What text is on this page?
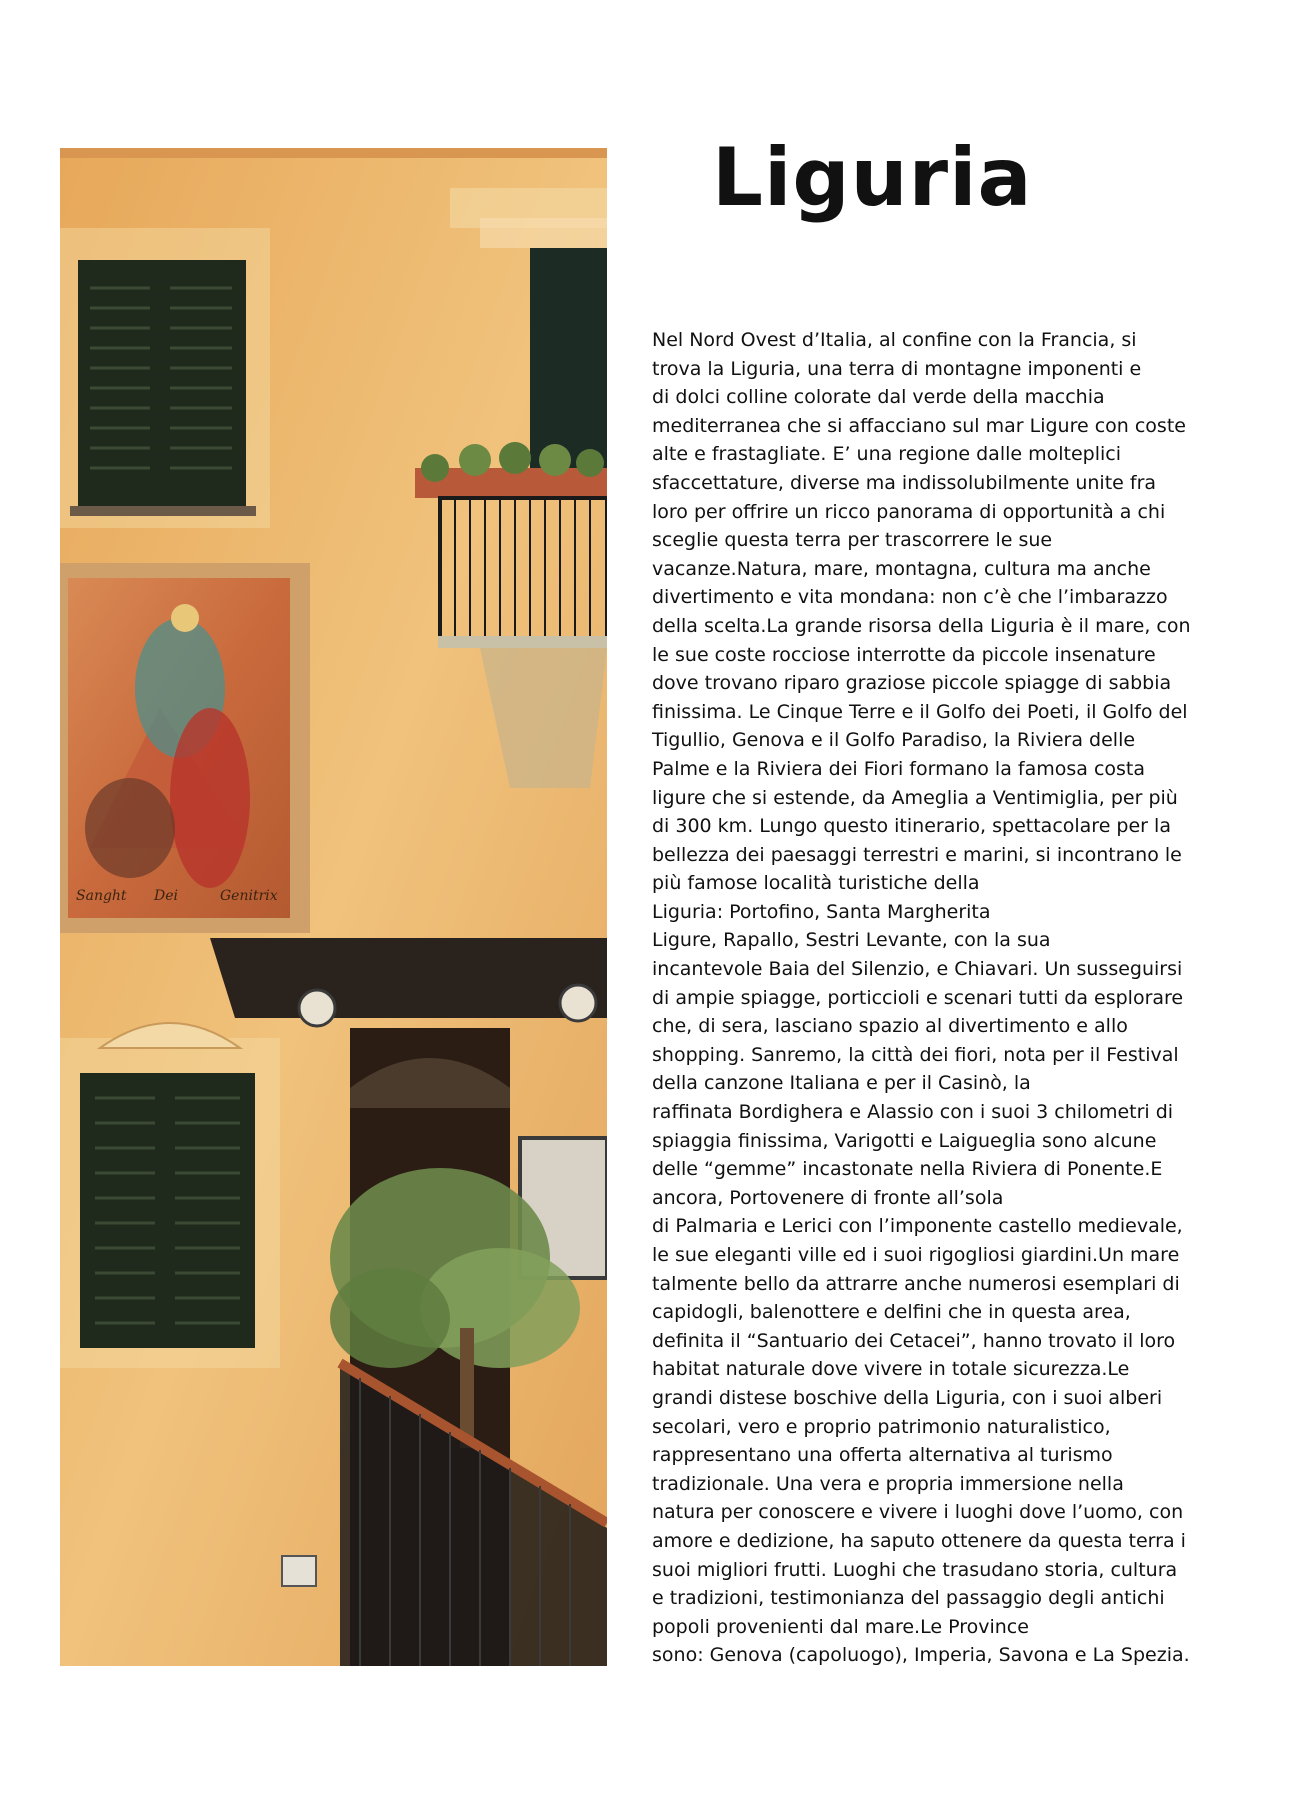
Sanght Dei	Genitrix
Liguria
Nel Nord Ovest d’Italia, al confine con la Francia, si
trova la Liguria, una terra di montagne imponenti e
di dolci colline colorate dal verde della macchia
mediterranea che si affacciano sul mar Ligure con coste
alte e frastagliate. E’ una regione dalle molteplici
sfaccettature, diverse ma indissolubilmente unite fra
loro per offrire un ricco panorama di opportunità a chi
sceglie questa terra per trascorrere le sue
vacanze.Natura, mare, montagna, cultura ma anche
divertimento e vita mondana: non c’è che l’imbarazzo
della scelta.La grande risorsa della Liguria è il mare, con
le sue coste rocciose interrotte da piccole insenature
dove trovano riparo graziose piccole spiagge di sabbia
finissima. Le Cinque Terre e il Golfo dei Poeti, il Golfo del
Tigullio, Genova e il Golfo Paradiso, la Riviera delle
Palme e la Riviera dei Fiori formano la famosa costa
ligure che si estende, da Ameglia a Ventimiglia, per più
di 300 km. Lungo questo itinerario, spettacolare per la
bellezza dei paesaggi terrestri e marini, si incontrano le
più famose località turistiche della
Liguria: Portofino, Santa Margherita
Ligure, Rapallo, Sestri Levante, con la sua
incantevole Baia del Silenzio, e Chiavari. Un susseguirsi
di ampie spiagge, porticcioli e scenari tutti da esplorare
che, di sera, lasciano spazio al divertimento e allo
shopping. Sanremo, la città dei fiori, nota per il Festival
della canzone Italiana e per il Casinò, la
raffinata Bordighera e Alassio con i suoi 3 chilometri di
spiaggia finissima, Varigotti e Laigueglia sono alcune
delle “gemme” incastonate nella Riviera di Ponente.E
ancora, Portovenere di fronte all’sola
di Palmaria e Lerici con l’imponente castello medievale,
le sue eleganti ville ed i suoi rigogliosi giardini.Un mare
talmente bello da attrarre anche numerosi esemplari di
capidogli, balenottere e delfini che in questa area,
definita il “Santuario dei Cetacei”, hanno trovato il loro
habitat naturale dove vivere in totale sicurezza.Le
grandi distese boschive della Liguria, con i suoi alberi
secolari, vero e proprio patrimonio naturalistico,
rappresentano una offerta alternativa al turismo
tradizionale. Una vera e propria immersione nella
natura per conoscere e vivere i luoghi dove l’uomo, con
amore e dedizione, ha saputo ottenere da questa terra i
suoi migliori frutti. Luoghi che trasudano storia, cultura
e tradizioni, testimonianza del passaggio degli antichi
popoli provenienti dal mare.Le Province
sono: Genova (capoluogo), Imperia, Savona e La Spezia.
